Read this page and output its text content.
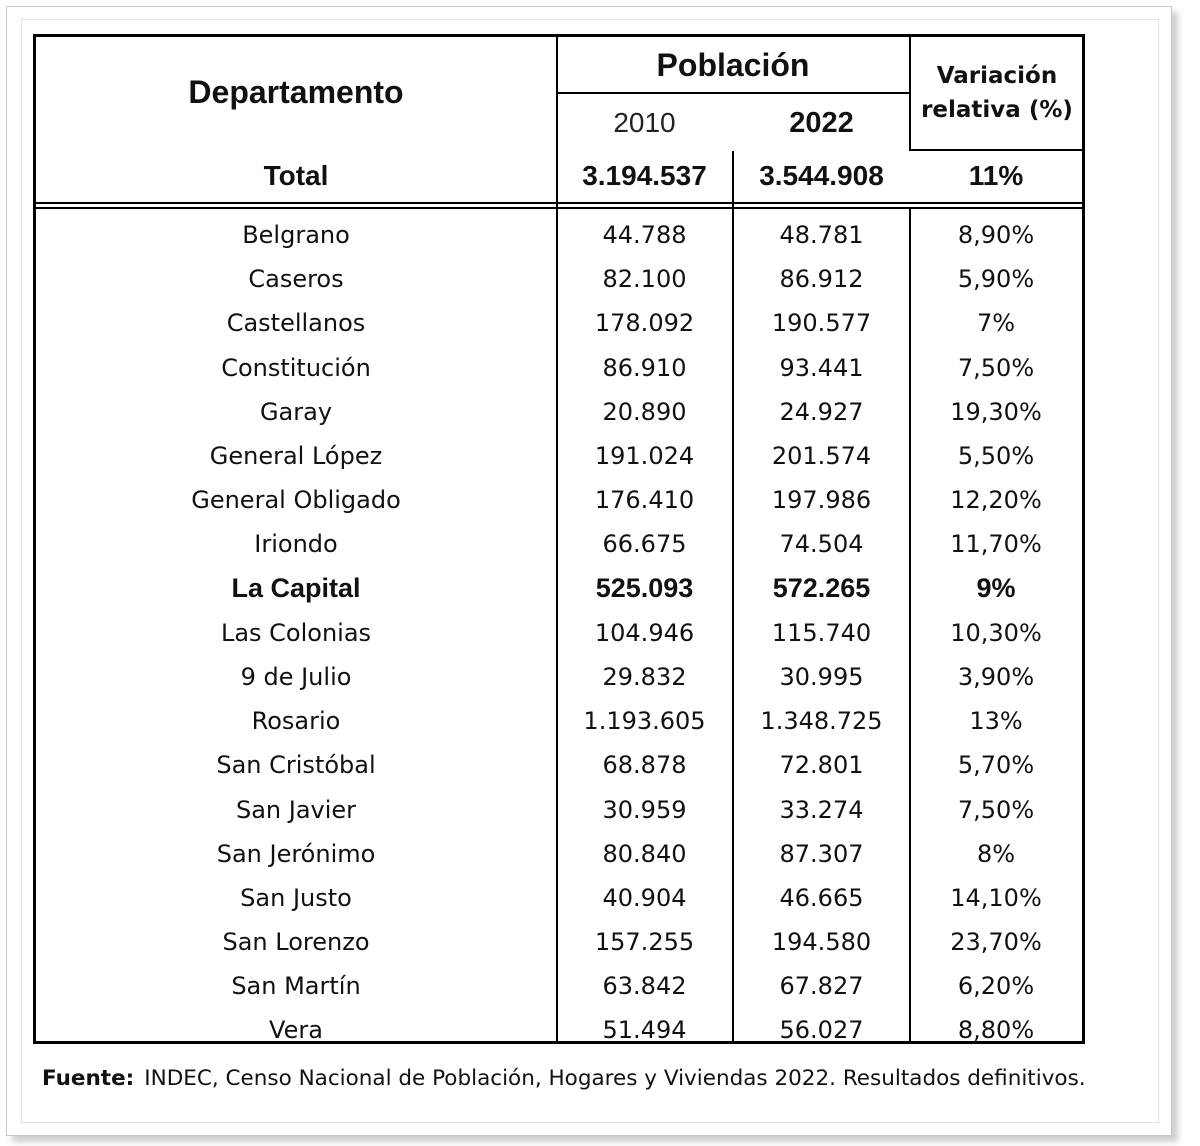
Departamento
Población
2010	2022
Variación relativa (%)
Total	3.194.537	3.544.908	11%
Belgrano	44.788	48.781	8,90%
Caseros	82.100	86.912	5,90%
Castellanos	178.092	190.577	7%
Constitución	86.910	93.441	7,50%
Garay	20.890	24.927	19,30%
General López	191.024	201.574	5,50%
General Obligado	176.410	197.986	12,20%
Iriondo	66.675	74.504	11,70%
La Capital	525.093	572.265	9%
Las Colonias	104.946	115.740	10,30%
9 de Julio	29.832	30.995	3,90%
Rosario	1.193.605	1.348.725	13%
San Cristóbal	68.878	72.801	5,70%
San Javier	30.959	33.274	7,50%
San Jerónimo	80.840	87.307	8%
San Justo	40.904	46.665	14,10%
San Lorenzo	157.255	194.580	23,70%
San Martín	63.842	67.827	6,20%
Vera	51.494	56.027	8,80%
Fuente: INDEC, Censo Nacional de Población, Hogares y Viviendas 2022. Resultados definitivos.
